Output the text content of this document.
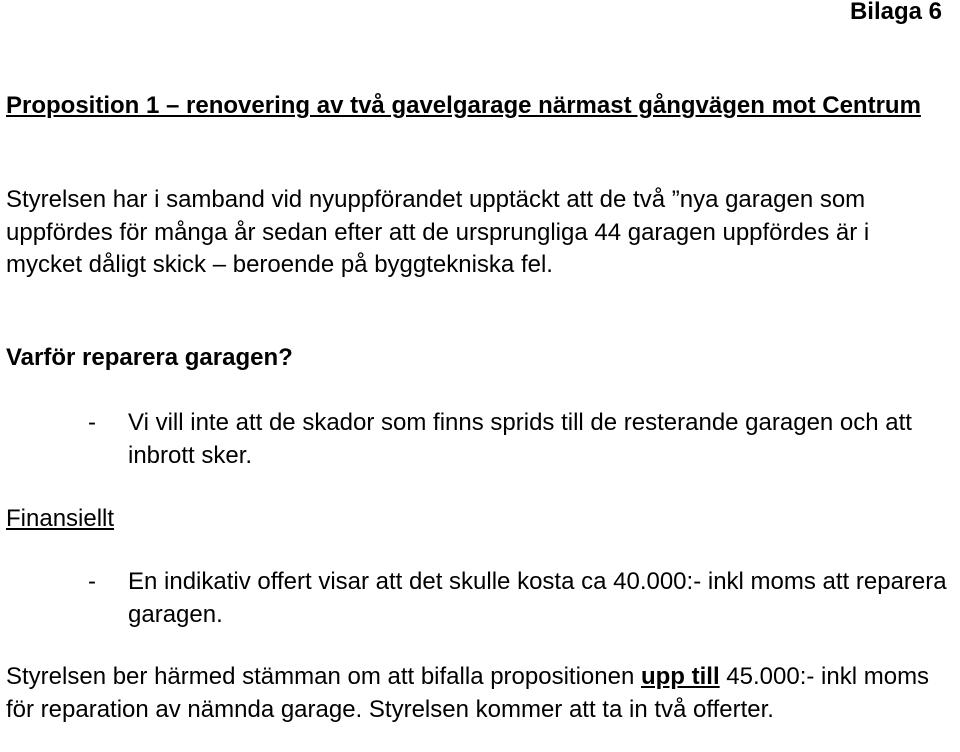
Bilaga 6

Proposition 1 – renovering av två gavelgarage närmast gångvägen mot Centrum

Styrelsen har i samband vid nyuppförandet upptäckt att de två ”nya garagen som uppfördes för många år sedan efter att de ursprungliga 44 garagen uppfördes är i mycket dåligt skick – beroende på byggtekniska fel.

Varför reparera garagen?

- Vi vill inte att de skador som finns sprids till de resterande garagen och att inbrott sker.

Finansiellt

- En indikativ offert visar att det skulle kosta ca 40.000:- inkl moms att reparera garagen.

Styrelsen ber härmed stämman om att bifalla propositionen upp till 45.000:- inkl moms för reparation av nämnda garage. Styrelsen kommer att ta in två offerter.
